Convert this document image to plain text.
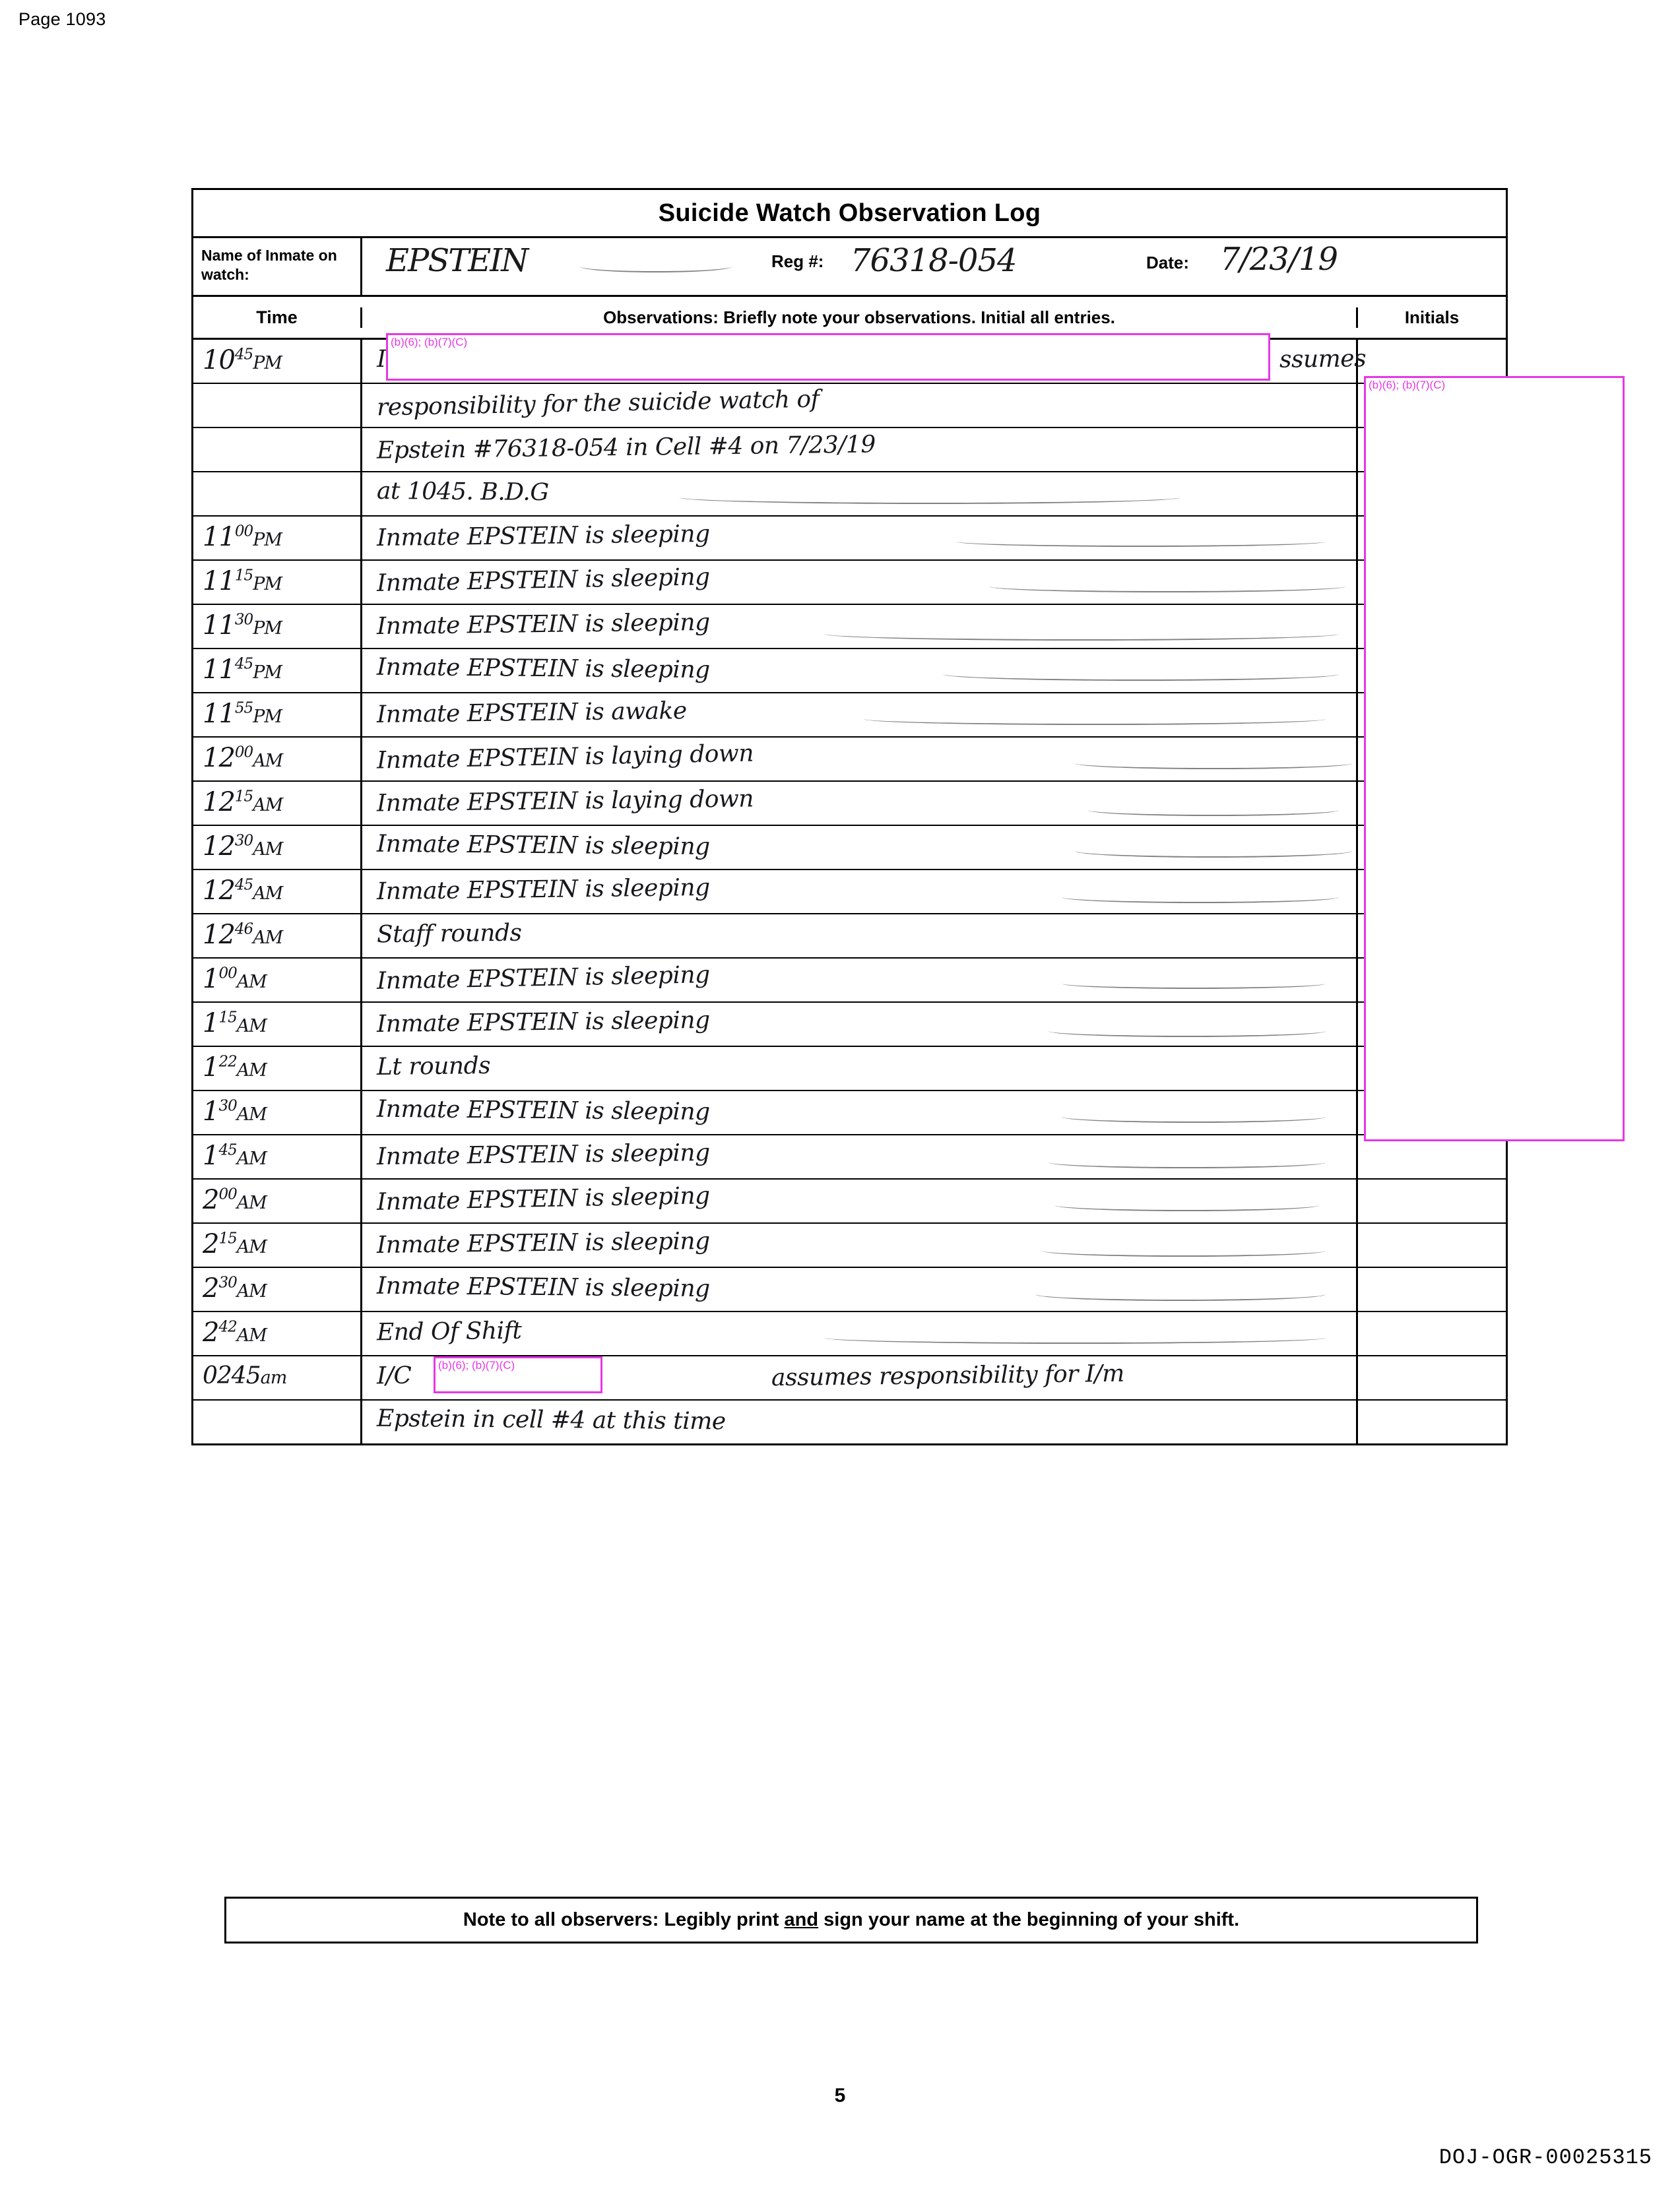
Page 1093
Suicide Watch Observation Log
Name of Inmate on watch:	EPSTEIN	Reg #: 76318-054	Date: 7/23/19
Time	Observations: Briefly note your observations. Initial all entries.	Initials
$10^{45}PM$	I	ssumes
(b)(6); (b)(7)(C)
responsibility for the suicide watch of
Epstein #76318-054 in Cell #4 on 7/23/19
at 1045. B.D.G
$11^{00}PM$	Inmate EPSTEIN is sleeping
$11^{15}PM$	Inmate EPSTEIN is sleeping
$11^{30}PM$	Inmate EPSTEIN is sleeping
$11^{45}PM$	Inmate EPSTEIN is sleeping
$11^{55}PM$	Inmate EPSTEIN is awake
$12^{00}AM$	Inmate EPSTEIN is laying down
$12^{15}AM$	Inmate EPSTEIN is laying down
$12^{30}AM$	Inmate EPSTEIN is sleeping
$12^{45}AM$	Inmate EPSTEIN is sleeping
$12^{46}AM$	Staff rounds
$1^{00}AM$	Inmate EPSTEIN is sleeping
$1^{15}AM$	Inmate EPSTEIN is sleeping
$1^{22}AM$	Lt rounds
$1^{30}AM$	Inmate EPSTEIN is sleeping
$1^{45}AM$	Inmate EPSTEIN is sleeping
$2^{00}AM$	Inmate EPSTEIN is sleeping
$2^{15}AM$	Inmate EPSTEIN is sleeping
$2^{30}AM$	Inmate EPSTEIN is sleeping
$2^{42}AM$	End Of Shift
0245am	I/C	assumes responsibility for I/m
(b)(6); (b)(7)(C)
Epstein in cell #4 at this time
(b)(6); (b)(7)(C)
Note to all observers: Legibly print and sign your name at the beginning of your shift.
5
DOJ-OGR-00025315
